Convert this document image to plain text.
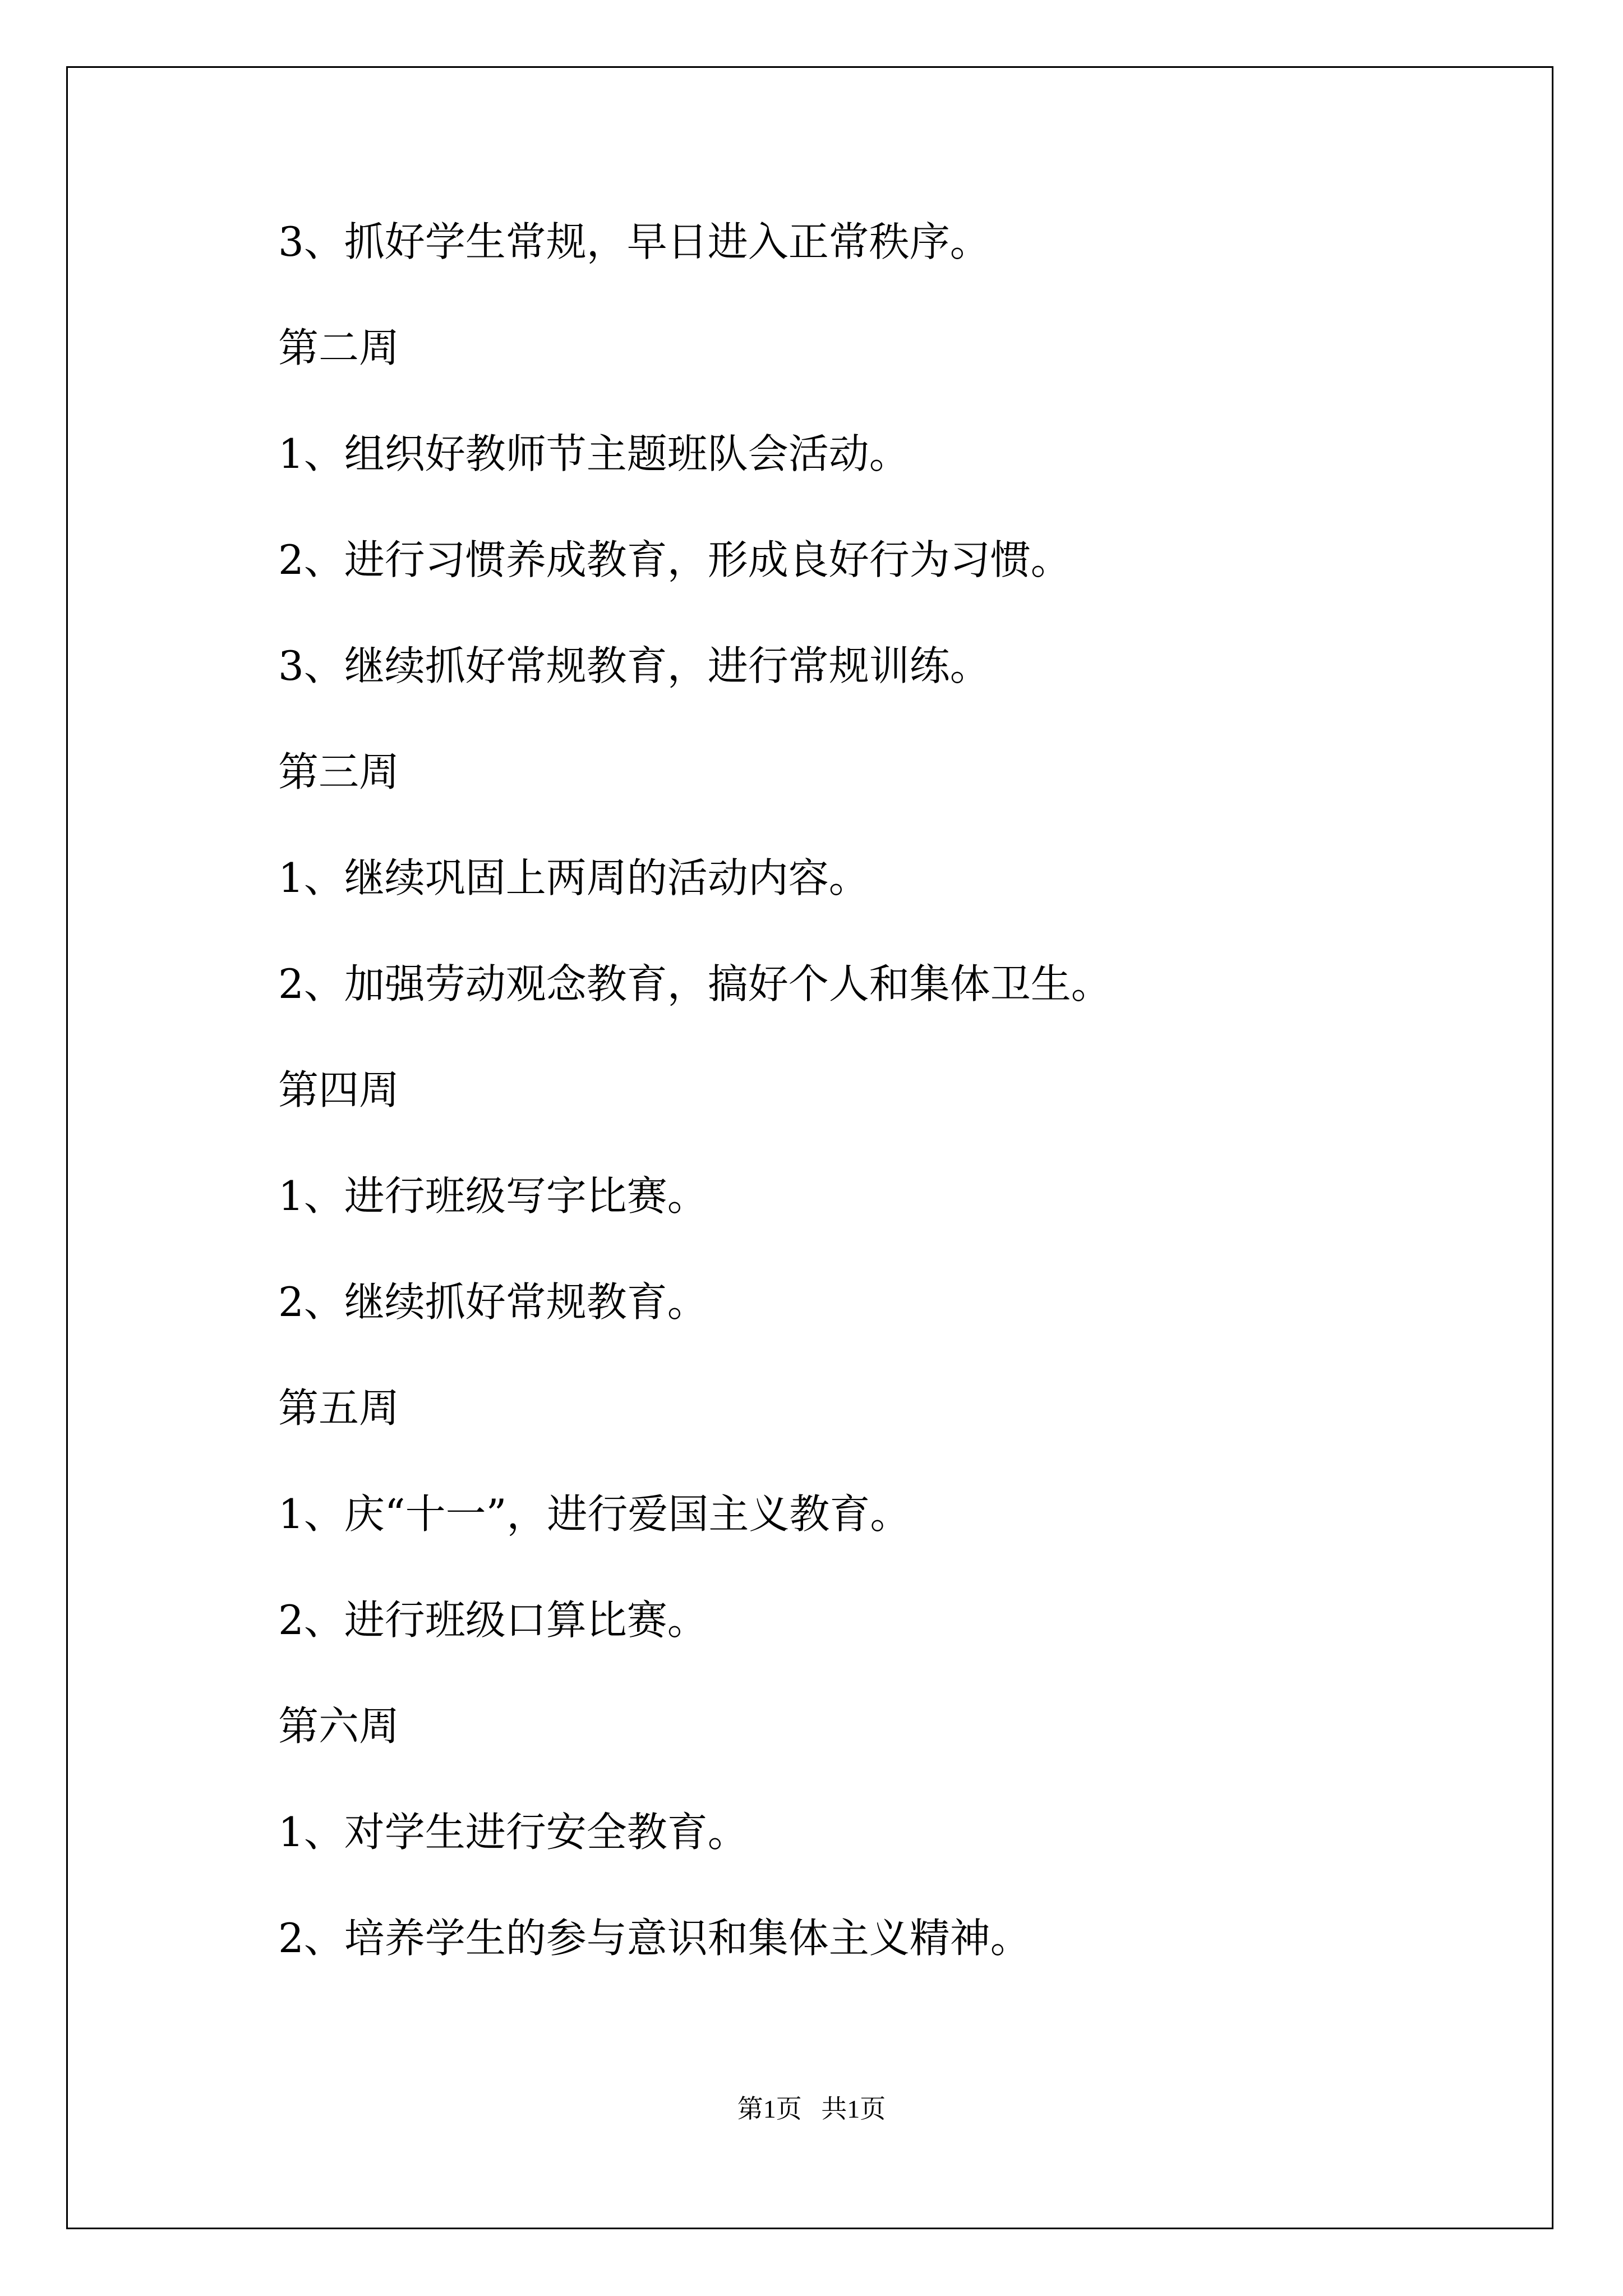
3、抓好学生常规，早日进入正常秩序。

第二周

1、组织好教师节主题班队会活动。

2、进行习惯养成教育，形成良好行为习惯。

3、继续抓好常规教育，进行常规训练。

第三周

1、继续巩固上两周的活动内容。

2、加强劳动观念教育，搞好个人和集体卫生。

第四周

1、进行班级写字比赛。

2、继续抓好常规教育。

第五周

1、庆“十一”，进行爱国主义教育。

2、进行班级口算比赛。

第六周

1、对学生进行安全教育。

2、培养学生的参与意识和集体主义精神。

第1页   共1页
